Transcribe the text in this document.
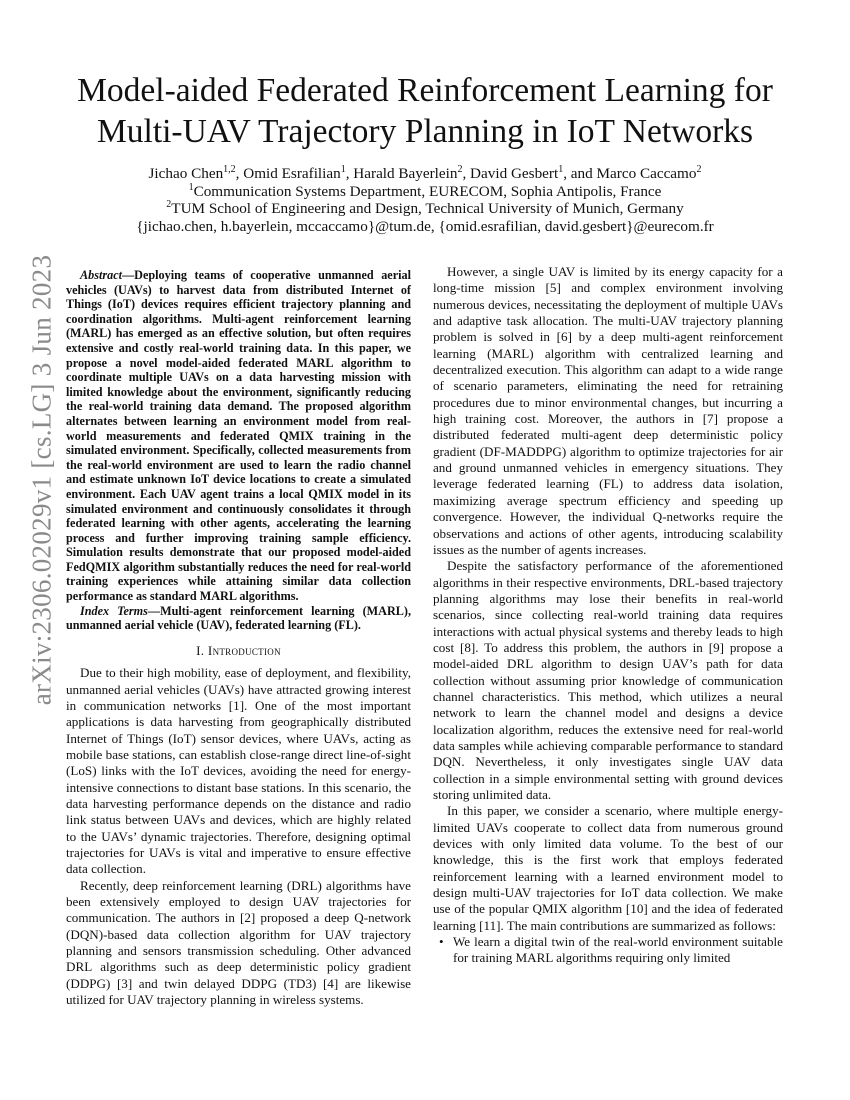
arXiv:2306.02029v1 [cs.LG] 3 Jun 2023
Model-aided Federated Reinforcement Learning for
Multi-UAV Trajectory Planning in IoT Networks
Jichao Chen$^{1,2}$, Omid Esrafilian$^1$, Harald Bayerlein$^2$, David Gesbert$^1$, and Marco Caccamo$^2$
$^1$Communication Systems Department, EURECOM, Sophia Antipolis, France
$^2$TUM School of Engineering and Design, Technical University of Munich, Germany
{jichao.chen, h.bayerlein, mccaccamo}@tum.de, {omid.esrafilian, david.gesbert}@eurecom.fr

Abstract—Deploying teams of cooperative unmanned aerial vehicles (UAVs) to harvest data from distributed Internet of Things (IoT) devices requires efficient trajectory planning and coordination algorithms. Multi-agent reinforcement learning (MARL) has emerged as an effective solution, but often requires extensive and costly real-world training data. In this paper, we propose a novel model-aided federated MARL algorithm to coordinate multiple UAVs on a data harvesting mission with limited knowledge about the environment, significantly reducing the real-world training data demand. The proposed algorithm alternates between learning an environment model from real-world measurements and federated QMIX training in the simulated environment. Specifically, collected measurements from the real-world environment are used to learn the radio channel and estimate unknown IoT device locations to create a simulated environment. Each UAV agent trains a local QMIX model in its simulated environment and continuously consolidates it through federated learning with other agents, accelerating the learning process and further improving training sample efficiency. Simulation results demonstrate that our proposed model-aided FedQMIX algorithm substantially reduces the need for real-world training experiences while attaining similar data collection performance as standard MARL algorithms.

Index Terms—Multi-agent reinforcement learning (MARL), unmanned aerial vehicle (UAV), federated learning (FL).

I. Introduction

Due to their high mobility, ease of deployment, and flexibility, unmanned aerial vehicles (UAVs) have attracted growing interest in communication networks [1]. One of the most important applications is data harvesting from geographically distributed Internet of Things (IoT) sensor devices, where UAVs, acting as mobile base stations, can establish close-range direct line-of-sight (LoS) links with the IoT devices, avoiding the need for energy-intensive connections to distant base stations. In this scenario, the data harvesting performance depends on the distance and radio link status between UAVs and devices, which are highly related to the UAVs’ dynamic trajectories. Therefore, designing optimal trajectories for UAVs is vital and imperative to ensure effective data collection.

Recently, deep reinforcement learning (DRL) algorithms have been extensively employed to design UAV trajectories for communication. The authors in [2] proposed a deep Q-network (DQN)-based data collection algorithm for UAV trajectory planning and sensors transmission scheduling. Other advanced DRL algorithms such as deep deterministic policy gradient (DDPG) [3] and twin delayed DDPG (TD3) [4] are likewise utilized for UAV trajectory planning in wireless systems.

However, a single UAV is limited by its energy capacity for a long-time mission [5] and complex environment involving numerous devices, necessitating the deployment of multiple UAVs and adaptive task allocation. The multi-UAV trajectory planning problem is solved in [6] by a deep multi-agent reinforcement learning (MARL) algorithm with centralized learning and decentralized execution. This algorithm can adapt to a wide range of scenario parameters, eliminating the need for retraining procedures due to minor environmental changes, but incurring a high training cost. Moreover, the authors in [7] propose a distributed federated multi-agent deep deterministic policy gradient (DF-MADDPG) algorithm to optimize trajectories for air and ground unmanned vehicles in emergency situations. They leverage federated learning (FL) to address data isolation, maximizing average spectrum efficiency and speeding up convergence. However, the individual Q-networks require the observations and actions of other agents, introducing scalability issues as the number of agents increases.

Despite the satisfactory performance of the aforementioned algorithms in their respective environments, DRL-based trajectory planning algorithms may lose their benefits in real-world scenarios, since collecting real-world training data requires interactions with actual physical systems and thereby leads to high cost [8]. To address this problem, the authors in [9] propose a model-aided DRL algorithm to design UAV’s path for data collection without assuming prior knowledge of communication channel characteristics. This method, which utilizes a neural network to learn the channel model and designs a device localization algorithm, reduces the extensive need for real-world data samples while achieving comparable performance to standard DQN. Nevertheless, it only investigates single UAV data collection in a simple environmental setting with ground devices storing unlimited data.

In this paper, we consider a scenario, where multiple energy-limited UAVs cooperate to collect data from numerous ground devices with only limited data volume. To the best of our knowledge, this is the first work that employs federated reinforcement learning with a learned environment model to design multi-UAV trajectories for IoT data collection. We make use of the popular QMIX algorithm [10] and the idea of federated learning [11]. The main contributions are summarized as follows:

• We learn a digital twin of the real-world environment suitable for training MARL algorithms requiring only limited
